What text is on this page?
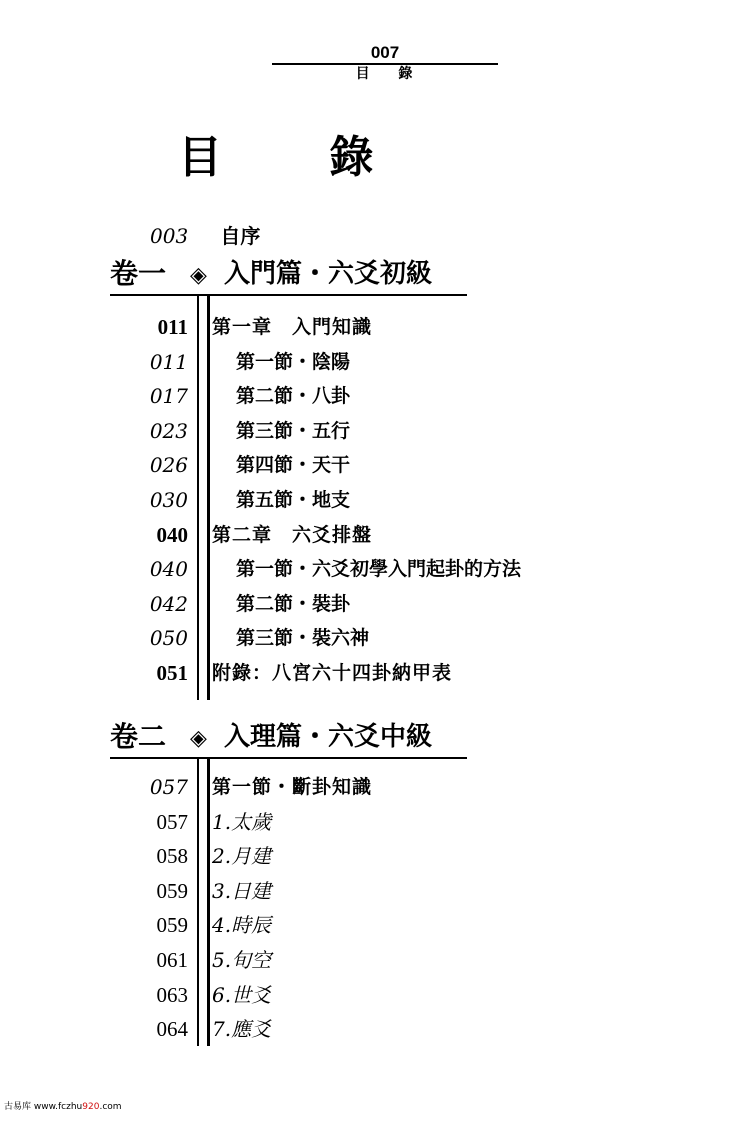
007
目 錄
目 錄
003 自序
卷一 ◈ 入門篇・六爻初級
011 第一章　入門知識
011	第一節・陰陽
017	第二節・八卦
023	第三節・五行
026	第四節・天干
030	第五節・地支
040 第二章　六爻排盤
040	第一節・六爻初學入門起卦的方法
042	第二節・裝卦
050	第三節・裝六神
051 附錄：八宮六十四卦納甲表
卷二 ◈ 入理篇・六爻中級
057 第一節・斷卦知識
057 1.太歲
058 2.月建
059 3.日建
059 4.時辰
061 5.旬空
063 6.世爻
064 7.應爻
古易库 www.fczhu920.com
